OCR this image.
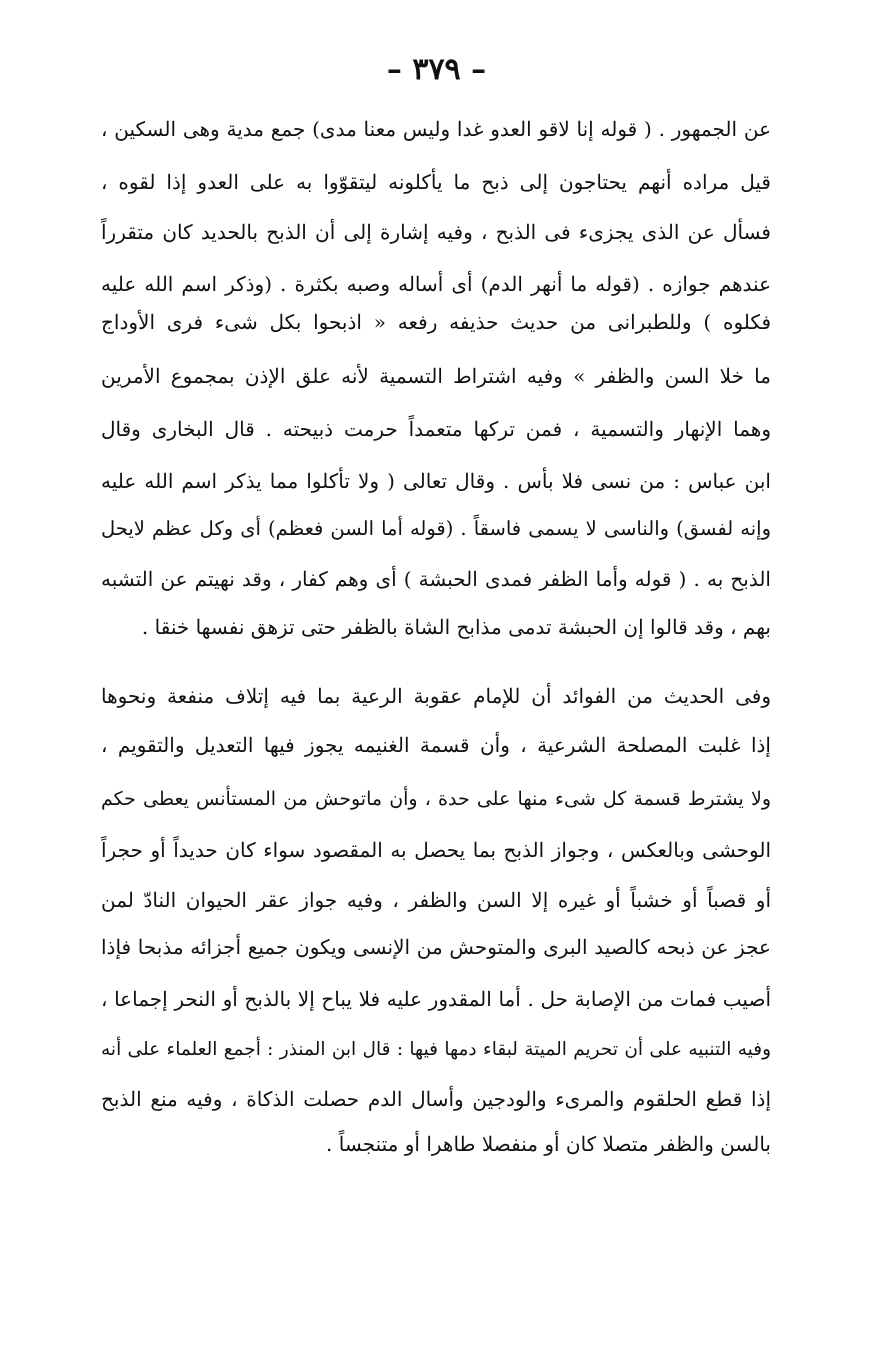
– ٣٧٩ –
عن الجمهور . ( قوله إنا لاقو العدو غدا وليس معنا مدى) جمع مدية وهى السكين ،
قيل مراده أنهم يحتاجون إلى ذبح ما يأكلونه ليتقوّوا به على العدو إذا لقوه ،
فسأل عن الذى يجزىء فى الذبح ، وفيه إشارة إلى أن الذبح بالحديد كان متقرراً
عندهم جوازه . (قوله ما أنهر الدم) أى أساله وصبه بكثرة . (وذكر اسم الله عليه
فكلوه ) وللطبرانى من حديث حذيفه رفعه « اذبحوا بكل شىء فرى الأوداج
ما خلا السن والظفر » وفيه اشتراط التسمية لأنه علق الإذن بمجموع الأمرين
وهما الإنهار والتسمية ، فمن تركها متعمداً حرمت ذبيحته . قال البخارى وقال
ابن عباس : من نسى فلا بأس . وقال تعالى ( ولا تأكلوا مما يذكر اسم الله عليه
وإنه لفسق) والناسى لا يسمى فاسقاً . (قوله أما السن فعظم) أى وكل عظم لايحل
الذبح به . ( قوله وأما الظفر فمدى الحبشة ) أى وهم كفار ، وقد نهيتم عن التشبه
بهم ، وقد قالوا إن الحبشة تدمى مذابح الشاة بالظفر حتى تزهق نفسها خنقا .
وفى الحديث من الفوائد أن للإمام عقوبة الرعية بما فيه إتلاف منفعة ونحوها
إذا غلبت المصلحة الشرعية ، وأن قسمة الغنيمه يجوز فيها التعديل والتقويم ،
ولا يشترط قسمة كل شىء منها على حدة ، وأن ماتوحش من المستأنس يعطى حكم
الوحشى وبالعكس ، وجواز الذبح بما يحصل به المقصود سواء كان حديداً أو حجراً
أو قصباً أو خشباً أو غيره إلا السن والظفر ، وفيه جواز عقر الحيوان النادّ لمن
عجز عن ذبحه كالصيد البرى والمتوحش من الإنسى ويكون جميع أجزائه مذبحا فإذا
أصيب فمات من الإصابة حل . أما المقدور عليه فلا يباح إلا بالذبح أو النحر إجماعا ،
وفيه التنبيه على أن تحريم الميتة لبقاء دمها فيها : قال ابن المنذر : أجمع العلماء على أنه
إذا قطع الحلقوم والمرىء والودجين وأسال الدم حصلت الذكاة ، وفيه منع الذبح
بالسن والظفر متصلا كان أو منفصلا طاهرا أو متنجساً .
